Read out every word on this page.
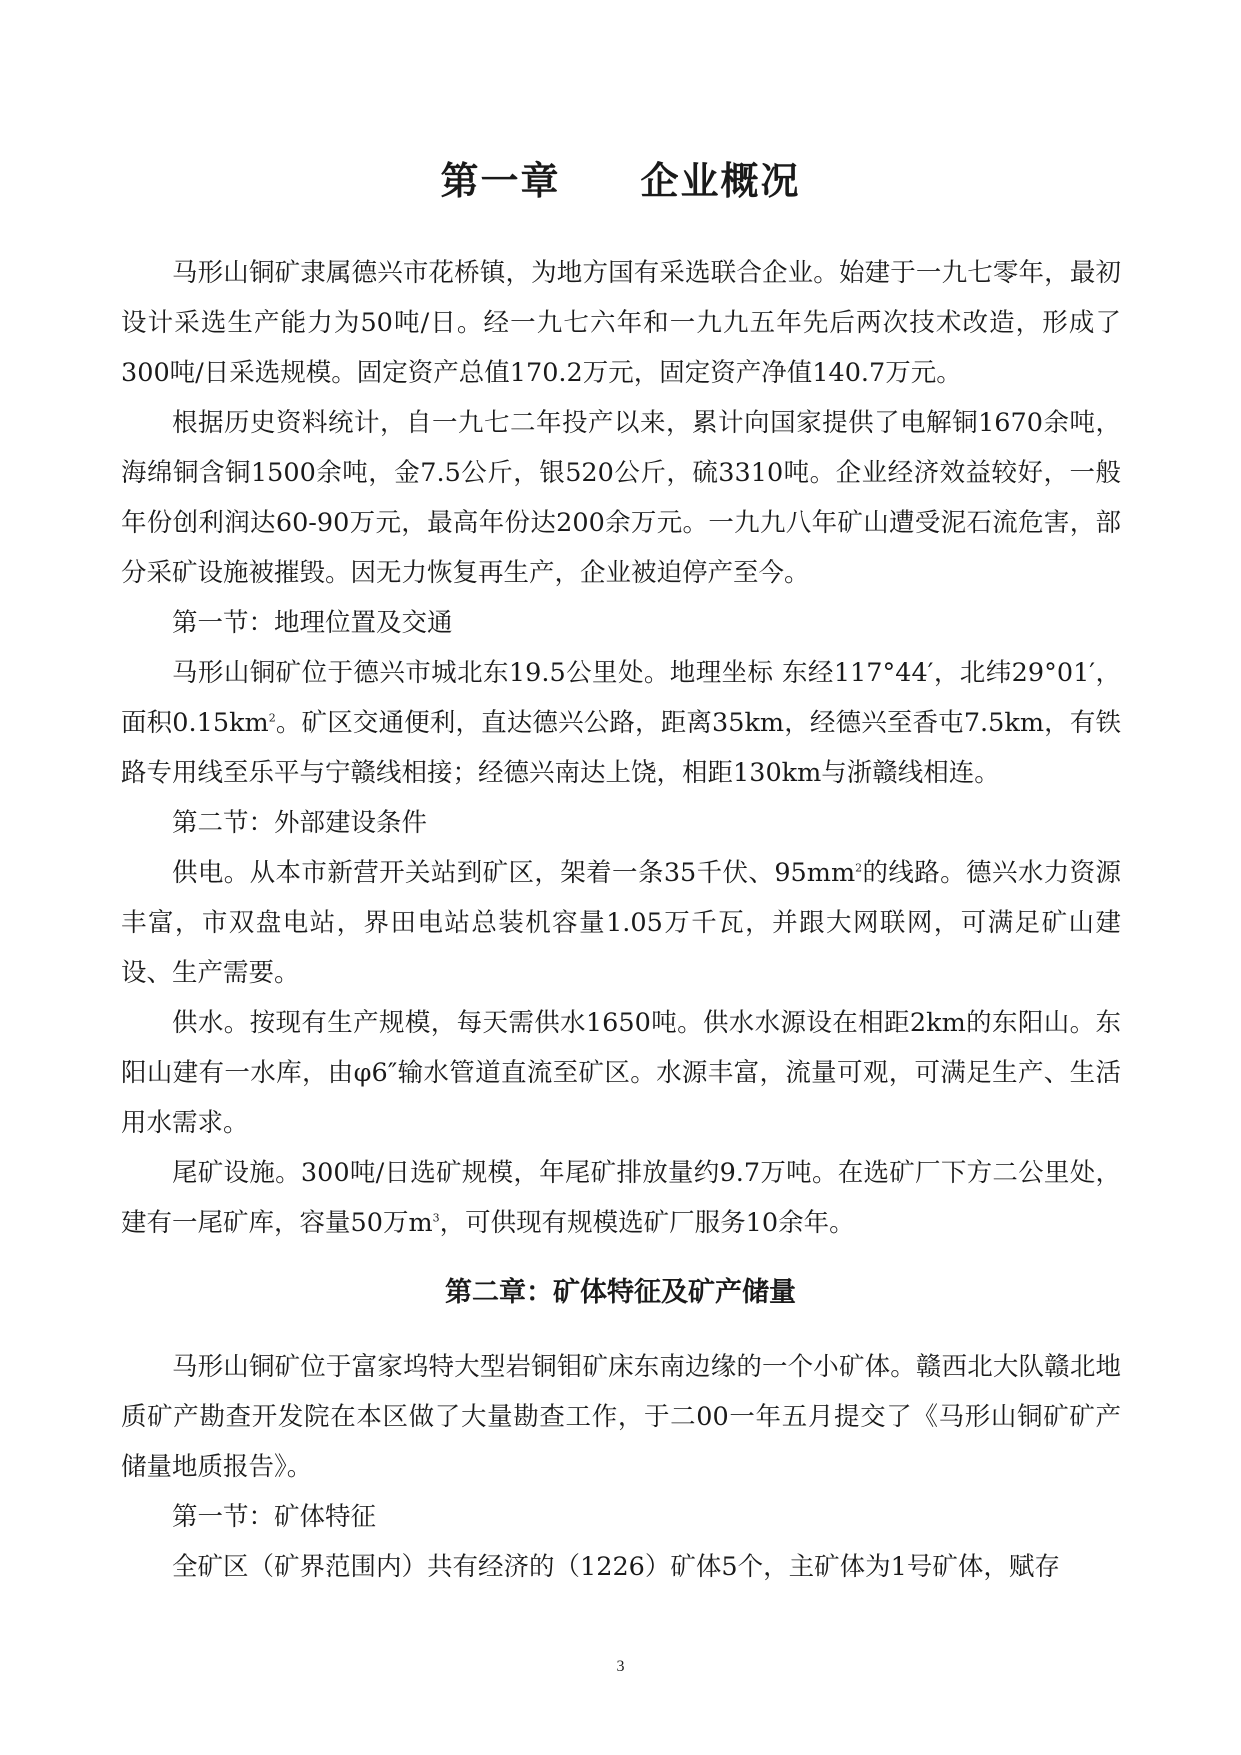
第一章　　企业概况

马形山铜矿隶属德兴市花桥镇，为地方国有采选联合企业。始建于一九七零年，最初设计采选生产能力为50吨/日。经一九七六年和一九九五年先后两次技术改造，形成了300吨/日采选规模。固定资产总值170.2万元，固定资产净值140.7万元。

根据历史资料统计，自一九七二年投产以来，累计向国家提供了电解铜1670余吨，海绵铜含铜1500余吨，金7.5公斤，银520公斤，硫3310吨。企业经济效益较好，一般年份创利润达60-90万元，最高年份达200余万元。一九九八年矿山遭受泥石流危害，部分采矿设施被摧毁。因无力恢复再生产，企业被迫停产至今。

第一节：地理位置及交通

马形山铜矿位于德兴市城北东19.5公里处。地理坐标 东经117°44′，北纬29°01′，面积$0.15km^2$。矿区交通便利，直达德兴公路，距离35km，经德兴至香屯7.5km，有铁路专用线至乐平与宁赣线相接；经德兴南达上饶，相距130km与浙赣线相连。

第二节：外部建设条件

供电。从本市新营开关站到矿区，架着一条35千伏、$95mm^2$的线路。德兴水力资源丰富，市双盘电站，界田电站总装机容量1.05万千瓦，并跟大网联网，可满足矿山建设、生产需要。

供水。按现有生产规模，每天需供水1650吨。供水水源设在相距2km的东阳山。东阳山建有一水库，由φ6″输水管道直流至矿区。水源丰富，流量可观，可满足生产、生活用水需求。

尾矿设施。300吨/日选矿规模，年尾矿排放量约9.7万吨。在选矿厂下方二公里处，建有一尾矿库，容量50万$m^3$，可供现有规模选矿厂服务10余年。

第二章：矿体特征及矿产储量

马形山铜矿位于富家坞特大型岩铜钼矿床东南边缘的一个小矿体。赣西北大队赣北地质矿产勘查开发院在本区做了大量勘查工作，于二00一年五月提交了《马形山铜矿矿产储量地质报告》。

第一节：矿体特征

全矿区（矿界范围内）共有经济的（1226）矿体5个，主矿体为1号矿体，赋存

3
